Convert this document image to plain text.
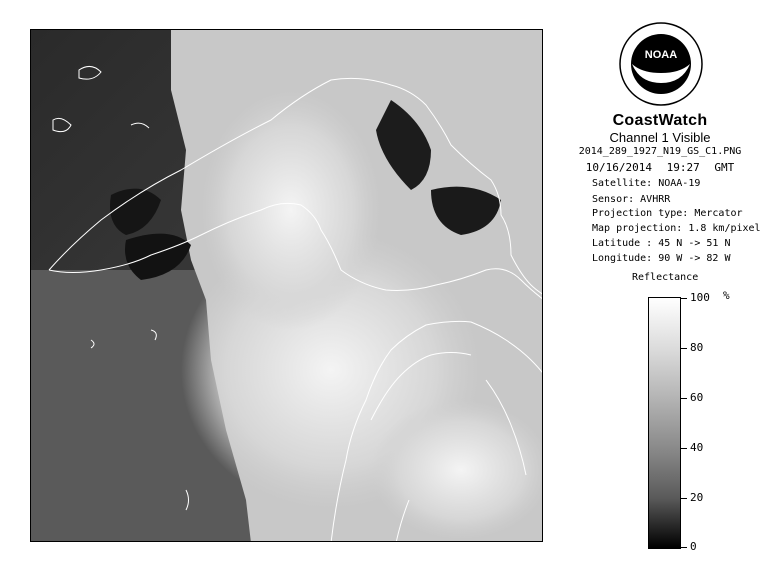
NOAA
CoastWatch
Channel 1 Visible
2014_289_1927_N19_GS_C1.PNG
10/16/2014 19:27 GMT
Satellite: NOAA-19
Sensor: AVHRR
Projection type: Mercator
Map projection: 1.8 km/pixel
Latitude : 45 N -> 51 N
Longitude: 90 W -> 82 W
Reflectance
%
100
80
60
40
20
0
